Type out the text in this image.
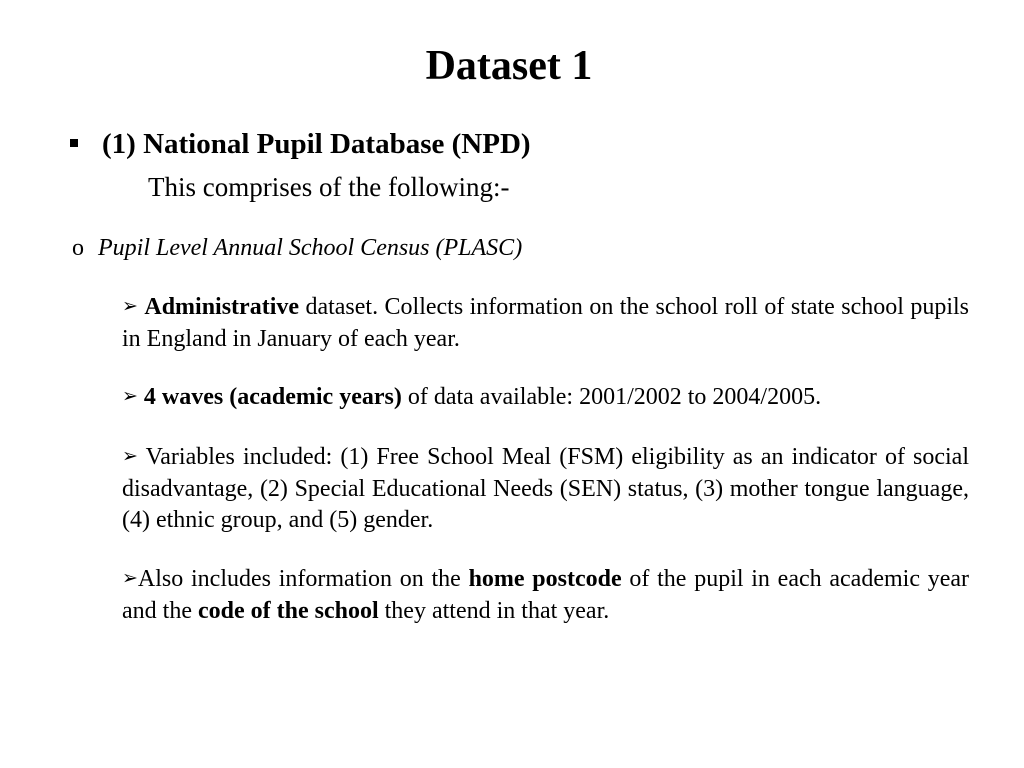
Dataset 1
(1) National Pupil Database (NPD)
This comprises of the following:-
o Pupil Level Annual School Census (PLASC)
➢ Administrative dataset. Collects information on the school roll of state school pupils in England in January of each year.
➢ 4 waves (academic years) of data available: 2001/2002 to 2004/2005.
➢ Variables included: (1) Free School Meal (FSM) eligibility as an indicator of social disadvantage, (2) Special Educational Needs (SEN) status, (3) mother tongue language, (4) ethnic group, and (5) gender.
➢Also includes information on the home postcode of the pupil in each academic year and the code of the school they attend in that year.
